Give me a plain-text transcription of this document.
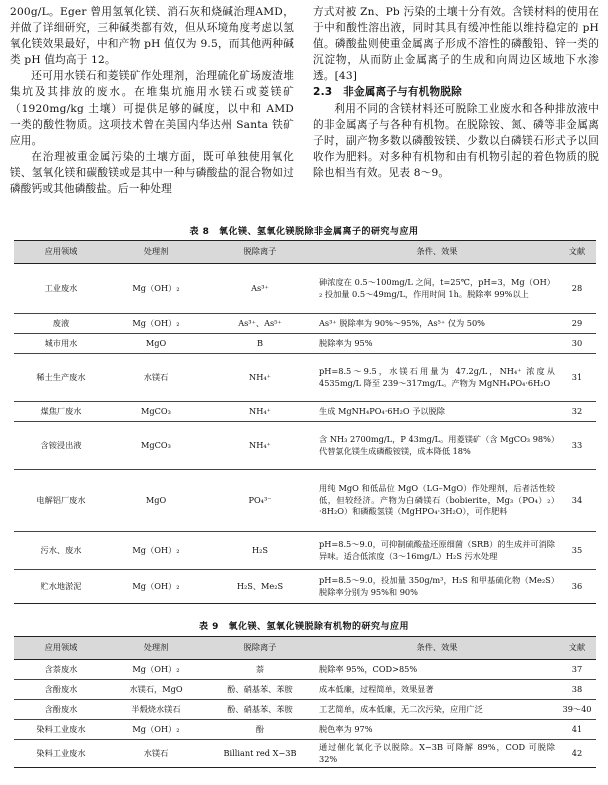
200g/L。Eger 曾用氢氧化镁、消石灰和烧碱治理AMD，并做了详细研究，三种碱类都有效，但从环境角度考虑以氢氧化镁效果最好，中和产物 pH 值仅为 9.5，而其他两种碱类 pH 值均高于 12。

还可用水镁石和菱镁矿作处理剂，治理硫化矿场废渣堆集坑及其排放的废水。在堆集坑施用水镁石或菱镁矿（1920mg/kg 土壤）可提供足够的碱度，以中和 AMD 一类的酸性物质。这项技术曾在美国内华达州 Santa 铁矿应用。

在治理被重金属污染的土壤方面，既可单独使用氧化镁、氢氧化镁和碳酸镁或是其中一种与磷酸盐的混合物如过磷酸钙或其他磷酸盐。后一种处理

方式对被 Zn、Pb 污染的土壤十分有效。含镁材料的使用在于中和酸性溶出液，同时其具有缓冲性能以维持稳定的 pH 值。磷酸盐则使重金属离子形成不溶性的磷酸铅、锌一类的沉淀物，从而防止金属离子的生成和向周边区域地下水渗透。[43]

2.3　非金属离子与有机物脱除

利用不同的含镁材料还可脱除工业废水和各种排放液中的非金属离子与各种有机物。在脱除铵、氮、磷等非金属离子时，副产物多数以磷酸铵镁、少数以白磷镁石形式予以回收作为肥料。对多种有机物和由有机物引起的着色物质的脱除也相当有效。见表 8～9。

表 8　氧化镁、氢氧化镁脱除非金属离子的研究与应用
应用领域	处理剂	脱除离子	条件、效果	文献
工业废水	Mg（OH）₂	As³⁺	砷浓度在 0.5～100mg/L 之间，t=25℃，pH=3，Mg（OH）₂ 投加量 0.5～49mg/L，作用时间 1h。脱除率 99%以上	28
废液	Mg（OH）₂	As³⁺、As⁵⁺	As³⁺ 脱除率为 90%～95%，As⁵⁺ 仅为 50%	29
城市用水	MgO	B	脱除率为 95%	30
稀土生产废水	水镁石	NH₄⁺	pH=8.5～9.5，水镁石用量为 47.2g/L，NH₄⁺ 浓度从 4535mg/L 降至 239～317mg/L。产物为 MgNH₄PO₄·6H₂O	31
煤焦厂废水	MgCO₃	NH₄⁺	生成 MgNH₄PO₄·6H₂O 予以脱除	32
含铵浸出液	MgCO₃	NH₄⁺	含 NH₃ 2700mg/L，P 43mg/L。用菱镁矿（含 MgCO₃ 98%）代替氯化镁生成磷酸铵镁，成本降低 18%	33
电解铝厂废水	MgO	PO₄³⁻	用纯 MgO 和低品位 MgO（LG–MgO）作处理剂，后者活性较低，但较经济。产物为白磷镁石（bobierite，Mg₃（PO₄）₂）·8H₂O）和磷酸氢镁（MgHPO₄·3H₂O），可作肥料	34
污水、废水	Mg（OH）₂	H₂S	pH=8.5～9.0，可抑制硫酸盐还原细菌（SRB）的生成并可消除异味。适合低浓度（3～16mg/L）H₂S 污水处理	35
贮水地淤泥	Mg（OH）₂	H₂S、Me₂S	pH=8.5～9.0，投加量 350g/m³，H₂S 和甲基硫化物（Me₂S）脱除率分别为 95%和 90%	36
表 9　氧化镁、氢氧化镁脱除有机物的研究与应用
应用领域	处理剂	脱除离子	条件、效果	文献
含萘废水	Mg（OH）₂	萘	脱除率 95%，COD>85%	37
含酚废水	水镁石，MgO	酚、硝基苯、苯胺	成本低廉，过程简单，效果显著	38
含酚废水	半煅烧水镁石	酚、硝基苯、苯胺	工艺简单，成本低廉，无二次污染，应用广泛	39～40
染料工业废水	Mg（OH）₂	酚	脱色率为 97%	41
染料工业废水	水镁石	Billiant red X−3B	通过催化氧化予以脱除。X−3B 可降解 89%，COD 可脱除 32%	42
